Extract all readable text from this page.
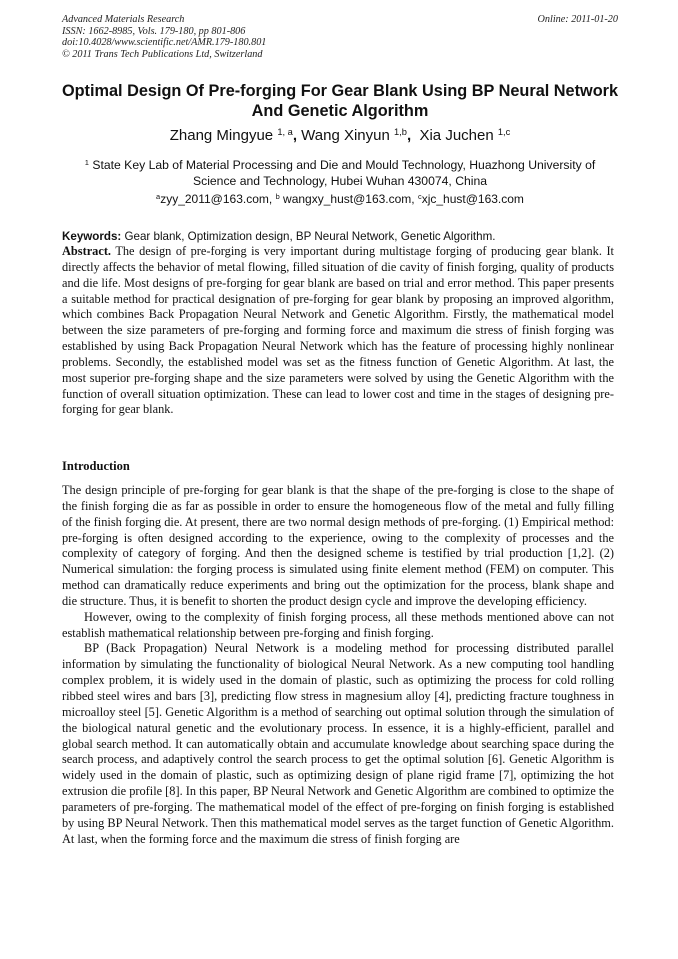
Advanced Materials Research
ISSN: 1662-8985, Vols. 179-180, pp 801-806
doi:10.4028/www.scientific.net/AMR.179-180.801
© 2011 Trans Tech Publications Ltd, Switzerland
Online: 2011-01-20
Optimal Design Of Pre-forging For Gear Blank Using BP Neural Network And Genetic Algorithm
Zhang Mingyue $^{1, a}$, Wang Xinyun $^{1,b}$, Xia Juchen $^{1,c}$
$^1$ State Key Lab of Material Processing and Die and Mould Technology, Huazhong University of Science and Technology, Hubei Wuhan 430074, China
$^a$zyy_2011@163.com, $^b$ wangxy_hust@163.com, $^c$xjc_hust@163.com
Keywords: Gear blank, Optimization design, BP Neural Network, Genetic Algorithm.
Abstract. The design of pre-forging is very important during multistage forging of producing gear blank. It directly affects the behavior of metal flowing, filled situation of die cavity of finish forging, quality of products and die life. Most designs of pre-forging for gear blank are based on trial and error method. This paper presents a suitable method for practical designation of pre-forging for gear blank by proposing an improved algorithm, which combines Back Propagation Neural Network and Genetic Algorithm. Firstly, the mathematical model between the size parameters of pre-forging and forming force and maximum die stress of finish forging was established by using Back Propagation Neural Network which has the feature of processing highly nonlinear problems. Secondly, the established model was set as the fitness function of Genetic Algorithm. At last, the most superior pre-forging shape and the size parameters were solved by using the Genetic Algorithm with the function of overall situation optimization. These can lead to lower cost and time in the stages of designing pre-forging for gear blank.
Introduction

The design principle of pre-forging for gear blank is that the shape of the pre-forging is close to the shape of the finish forging die as far as possible in order to ensure the homogeneous flow of the metal and fully filling of the finish forging die. At present, there are two normal design methods of pre-forging. (1) Empirical method: pre-forging is often designed according to the experience, owing to the complexity of processes and the complexity of category of forging. And then the designed scheme is testified by trial production [1,2]. (2) Numerical simulation: the forging process is simulated using finite element method (FEM) on computer. This method can dramatically reduce experiments and bring out the optimization for the process, blank shape and die structure. Thus, it is benefit to shorten the product design cycle and improve the developing efficiency.

However, owing to the complexity of finish forging process, all these methods mentioned above can not establish mathematical relationship between pre-forging and finish forging.

BP (Back Propagation) Neural Network is a modeling method for processing distributed parallel information by simulating the functionality of biological Neural Network. As a new computing tool handling complex problem, it is widely used in the domain of plastic, such as optimizing the process for cold rolling ribbed steel wires and bars [3], predicting flow stress in magnesium alloy [4], predicting fracture toughness in microalloy steel [5]. Genetic Algorithm is a method of searching out optimal solution through the simulation of the biological natural genetic and the evolutionary process. In essence, it is a highly-efficient, parallel and global search method. It can automatically obtain and accumulate knowledge about searching space during the search process, and adaptively control the search process to get the optimal solution [6]. Genetic Algorithm is widely used in the domain of plastic, such as optimizing design of plane rigid frame [7], optimizing the hot extrusion die profile [8]. In this paper, BP Neural Network and Genetic Algorithm are combined to optimize the parameters of pre-forging. The mathematical model of the effect of pre-forging on finish forging is established by using BP Neural Network. Then this mathematical model serves as the target function of Genetic Algorithm. At last, when the forming force and the maximum die stress of finish forging are
